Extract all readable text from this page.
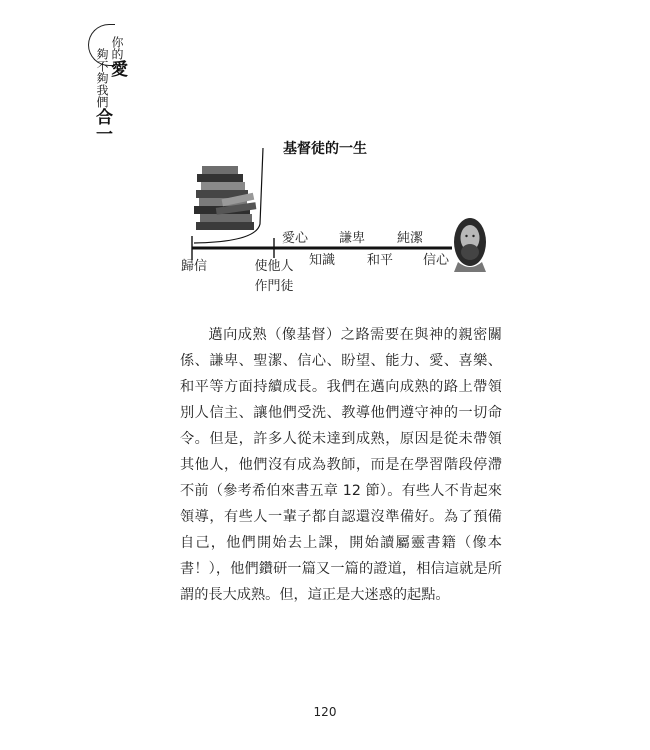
你的愛
夠不夠我們合一
基督徒的一生
愛心 謙卑 純潔
知識 和平 信心
歸信	使他人
作門徒

邁向成熟（像基督）之路需要在與神的親密關係、謙卑、聖潔、信心、盼望、能力、愛、喜樂、和平等方面持續成長。我們在邁向成熟的路上帶領別人信主、讓他們受洗、教導他們遵守神的一切命令。但是，許多人從未達到成熟，原因是從未帶領其他人，他們沒有成為教師，而是在學習階段停滯不前（參考希伯來書五章 12 節）。有些人不肯起來領導，有些人一輩子都自認還沒準備好。為了預備自己，他們開始去上課，開始讀屬靈書籍（像本書！），他們鑽研一篇又一篇的證道，相信這就是所謂的長大成熟。但，這正是大迷惑的起點。

120
